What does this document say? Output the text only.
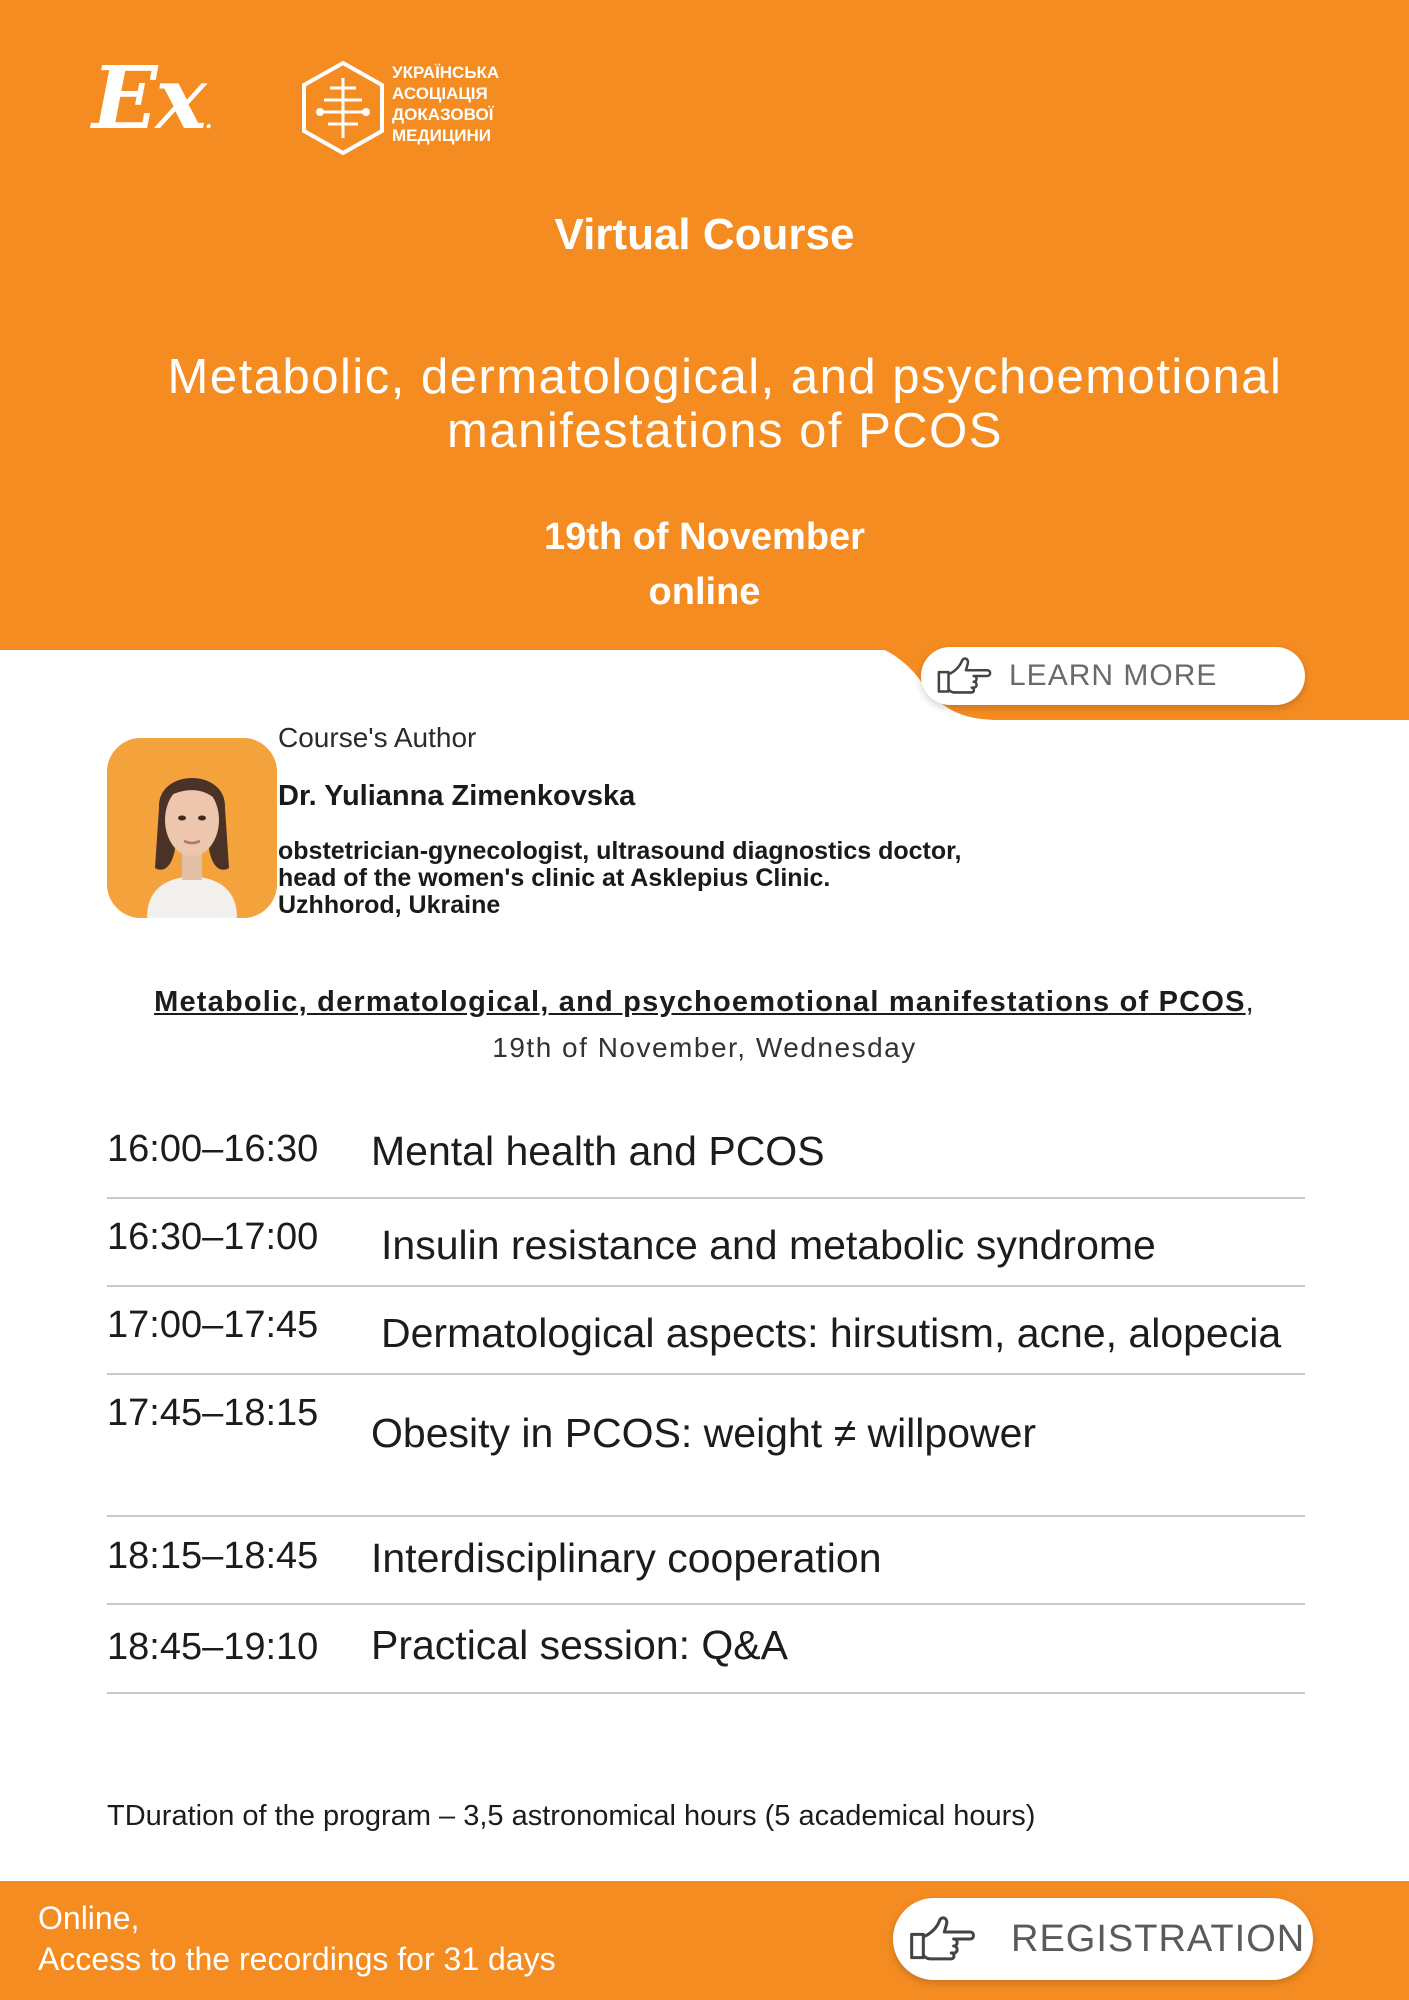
Ex.
УКРАЇНСЬКА
АСОЦІАЦІЯ
ДОКАЗОВОЇ
МЕДИЦИНИ
Virtual Course
Metabolic, dermatological, and psychoemotional
manifestations of PCOS
19th of November
online
LEARN MORE
Course's Author
Dr. Yulianna Zimenkovska
obstetrician-gynecologist, ultrasound diagnostics doctor,
head of the women's clinic at Asklepius Clinic.
Uzhhorod, Ukraine
Metabolic, dermatological, and psychoemotional manifestations of PCOS,
19th of November, Wednesday
16:00–16:30 Mental health and PCOS
16:30–17:00 Insulin resistance and metabolic syndrome
17:00–17:45 Dermatological aspects: hirsutism, acne, alopecia
17:45–18:15 Obesity in PCOS: weight ≠ willpower
18:15–18:45 Interdisciplinary cooperation
18:45–19:10 Practical session: Q&A
TDuration of the program – 3,5 astronomical hours (5 academical hours)
Online,
Access to the recordings for 31 days	REGISTRATION
